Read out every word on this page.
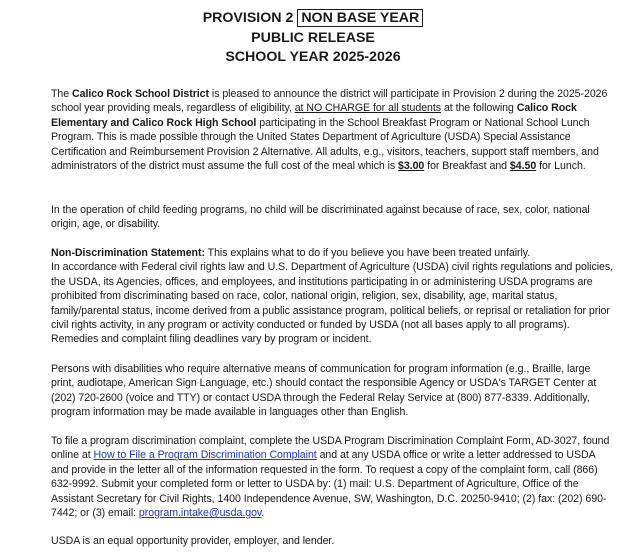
PROVISION 2 NON BASE YEAR
PUBLIC RELEASE
SCHOOL YEAR 2025-2026

The Calico Rock School District is pleased to announce the district will participate in Provision 2 during the 2025-2026 school year providing meals, regardless of eligibility, at NO CHARGE for all students at the following Calico Rock Elementary and Calico Rock High School participating in the School Breakfast Program or National School Lunch Program. This is made possible through the United States Department of Agriculture (USDA) Special Assistance Certification and Reimbursement Provision 2 Alternative. All adults, e.g., visitors, teachers, support staff members, and administrators of the district must assume the full cost of the meal which is $3.00 for Breakfast and $4.50 for Lunch.

In the operation of child feeding programs, no child will be discriminated against because of race, sex, color, national origin, age, or disability.

Non-Discrimination Statement: This explains what to do if you believe you have been treated unfairly.
In accordance with Federal civil rights law and U.S. Department of Agriculture (USDA) civil rights regulations and policies, the USDA, its Agencies, offices, and employees, and institutions participating in or administering USDA programs are prohibited from discriminating based on race, color, national origin, religion, sex, disability, age, marital status, family/parental status, income derived from a public assistance program, political beliefs, or reprisal or retaliation for prior civil rights activity, in any program or activity conducted or funded by USDA (not all bases apply to all programs). Remedies and complaint filing deadlines vary by program or incident.

Persons with disabilities who require alternative means of communication for program information (e.g., Braille, large print, audiotape, American Sign Language, etc.) should contact the responsible Agency or USDA's TARGET Center at (202) 720-2600 (voice and TTY) or contact USDA through the Federal Relay Service at (800) 877-8339. Additionally, program information may be made available in languages other than English.

To file a program discrimination complaint, complete the USDA Program Discrimination Complaint Form, AD-3027, found online at How to File a Program Discrimination Complaint and at any USDA office or write a letter addressed to USDA and provide in the letter all of the information requested in the form. To request a copy of the complaint form, call (866) 632-9992. Submit your completed form or letter to USDA by: (1) mail: U.S. Department of Agriculture, Office of the Assistant Secretary for Civil Rights, 1400 Independence Avenue, SW, Washington, D.C. 20250-9410; (2) fax: (202) 690-7442; or (3) email: program.intake@usda.gov.

USDA is an equal opportunity provider, employer, and lender.
